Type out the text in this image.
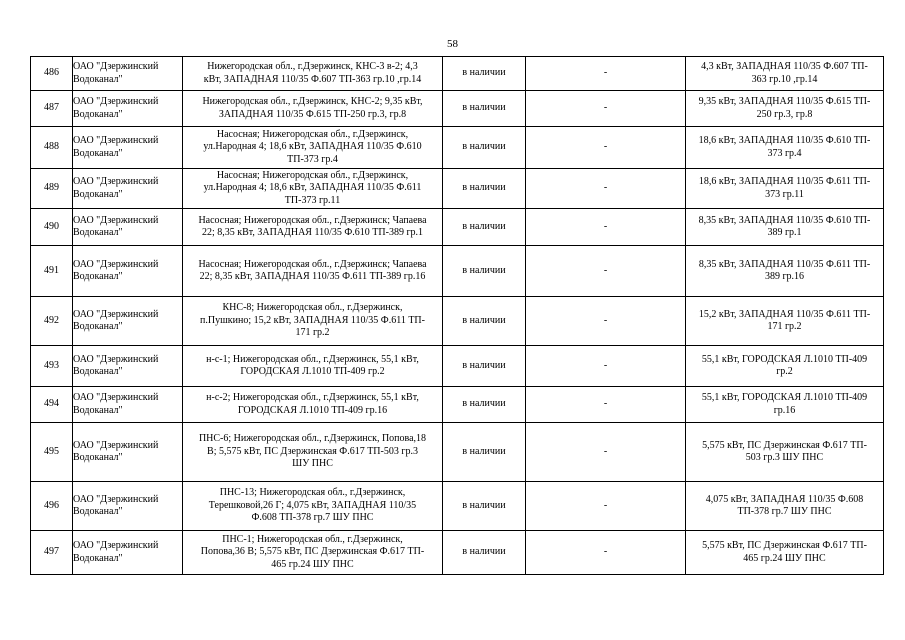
58
486	ОАО "Дзержинский
Водоканал"	Нижегородская обл., г.Дзержинск, КНС-3 в-2; 4,3
кВт, ЗАПАДНАЯ 110/35 Ф.607 ТП-363 гр.10 ,гр.14	в наличии	-	4,3 кВт, ЗАПАДНАЯ 110/35 Ф.607 ТП-
363 гр.10 ,гр.14

487	ОАО "Дзержинский
Водоканал"	Нижегородская обл., г.Дзержинск, КНС-2; 9,35 кВт,
ЗАПАДНАЯ 110/35 Ф.615 ТП-250 гр.3, гр.8	в наличии	-	9,35 кВт, ЗАПАДНАЯ 110/35 Ф.615 ТП-
250 гр.3, гр.8

488	ОАО "Дзержинский
Водоканал"	Насосная; Нижегородская обл., г.Дзержинск,
ул.Народная 4; 18,6 кВт, ЗАПАДНАЯ 110/35 Ф.610
ТП-373 гр.4	в наличии	-	18,6 кВт, ЗАПАДНАЯ 110/35 Ф.610 ТП-
373 гр.4

489	ОАО "Дзержинский
Водоканал"	Насосная; Нижегородская обл., г.Дзержинск,
ул.Народная 4; 18,6 кВт, ЗАПАДНАЯ 110/35 Ф.611
ТП-373 гр.11	в наличии	-	18,6 кВт, ЗАПАДНАЯ 110/35 Ф.611 ТП-
373 гр.11

490	ОАО "Дзержинский
Водоканал"	Насосная; Нижегородская обл., г.Дзержинск; Чапаева
22; 8,35 кВт, ЗАПАДНАЯ 110/35 Ф.610 ТП-389 гр.1	в наличии	-	8,35 кВт, ЗАПАДНАЯ 110/35 Ф.610 ТП-
389 гр.1

491	ОАО "Дзержинский
Водоканал"	Насосная; Нижегородская обл., г.Дзержинск; Чапаева
22; 8,35 кВт, ЗАПАДНАЯ 110/35 Ф.611 ТП-389 гр.16	в наличии	-	8,35 кВт, ЗАПАДНАЯ 110/35 Ф.611 ТП-
389 гр.16

492	ОАО "Дзержинский
Водоканал"	КНС-8; Нижегородская обл., г.Дзержинск,
п.Пушкино; 15,2 кВт, ЗАПАДНАЯ 110/35 Ф.611 ТП-
171 гр.2	в наличии	-	15,2 кВт, ЗАПАДНАЯ 110/35 Ф.611 ТП-
171 гр.2

493	ОАО "Дзержинский
Водоканал"	н-с-1; Нижегородская обл., г.Дзержинск, 55,1 кВт,
ГОРОДСКАЯ Л.1010 ТП-409 гр.2	в наличии	-	55,1 кВт, ГОРОДСКАЯ Л.1010 ТП-409
гр.2

494	ОАО "Дзержинский
Водоканал"	н-с-2; Нижегородская обл., г.Дзержинск, 55,1 кВт,
ГОРОДСКАЯ Л.1010 ТП-409 гр.16	в наличии	-	55,1 кВт, ГОРОДСКАЯ Л.1010 ТП-409
гр.16

495	ОАО "Дзержинский
Водоканал"	ПНС-6; Нижегородская обл., г.Дзержинск, Попова,18
В; 5,575 кВт, ПС Дзержинская Ф.617 ТП-503 гр.3
ШУ ПНС	в наличии	-	5,575 кВт, ПС Дзержинская Ф.617 ТП-
503 гр.3 ШУ ПНС

496	ОАО "Дзержинский
Водоканал"	ПНС-13; Нижегородская обл., г.Дзержинск,
Терешковой,26 Г; 4,075 кВт, ЗАПАДНАЯ 110/35
Ф.608 ТП-378 гр.7 ШУ ПНС	в наличии	-	4,075 кВт, ЗАПАДНАЯ 110/35 Ф.608
ТП-378 гр.7 ШУ ПНС

497	ОАО "Дзержинский
Водоканал"	ПНС-1; Нижегородская обл., г.Дзержинск,
Попова,36 В; 5,575 кВт, ПС Дзержинская Ф.617 ТП-
465 гр.24 ШУ ПНС	в наличии	-	5,575 кВт, ПС Дзержинская Ф.617 ТП-
465 гр.24 ШУ ПНС
